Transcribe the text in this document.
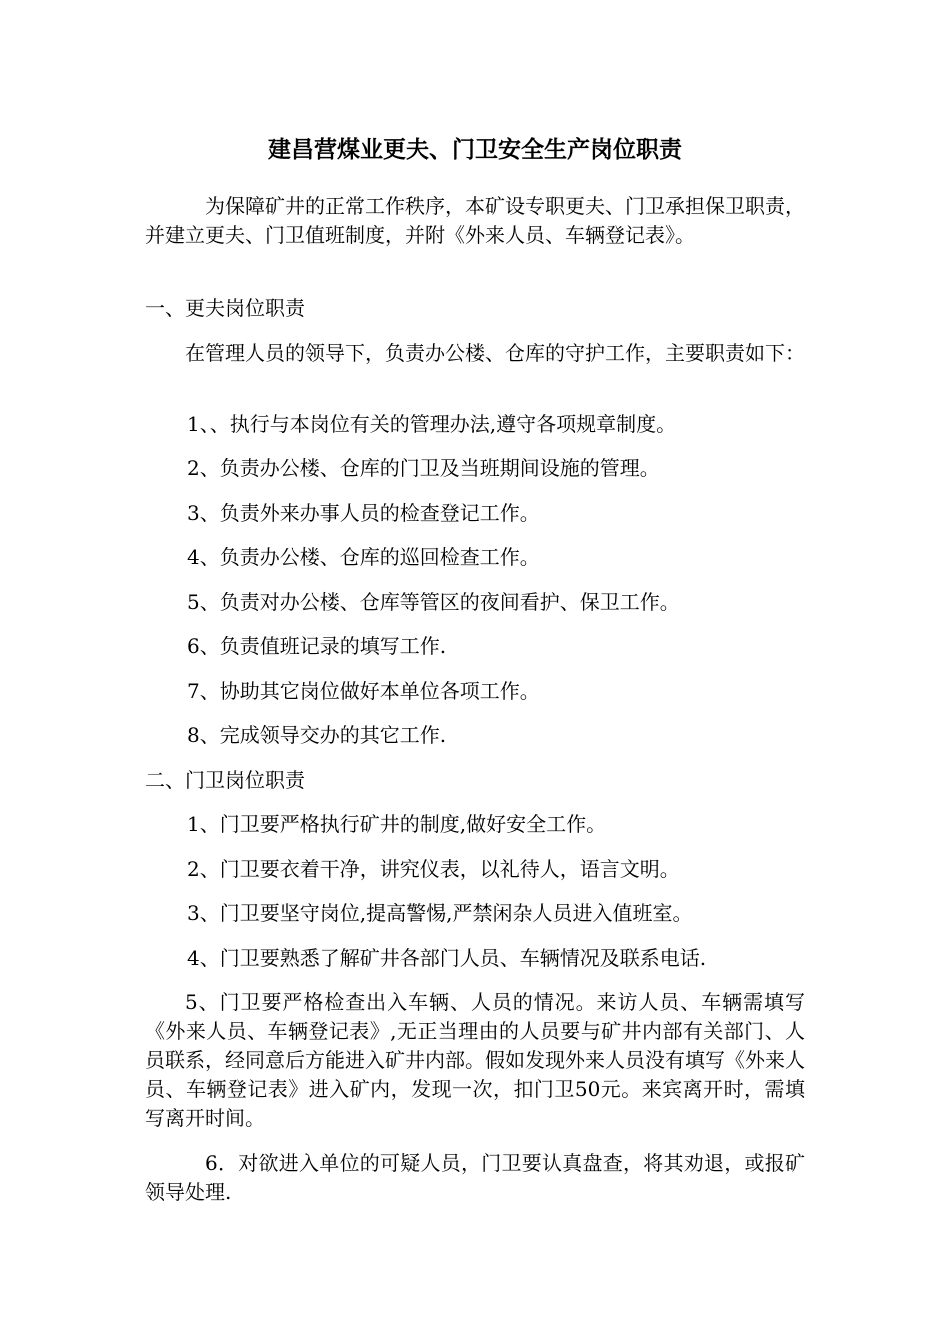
建昌营煤业更夫、门卫安全生产岗位职责

为保障矿井的正常工作秩序，本矿设专职更夫、门卫承担保卫职责，并建立更夫、门卫值班制度，并附《外来人员、车辆登记表》。

一、更夫岗位职责

在管理人员的领导下，负责办公楼、仓库的守护工作，主要职责如下：

1、、执行与本岗位有关的管理办法,遵守各项规章制度。

2、负责办公楼、仓库的门卫及当班期间设施的管理。

3、负责外来办事人员的检查登记工作。

4、负责办公楼、仓库的巡回检查工作。

5、负责对办公楼、仓库等管区的夜间看护、保卫工作。

6、负责值班记录的填写工作.

7、协助其它岗位做好本单位各项工作。

8、完成领导交办的其它工作.

二、门卫岗位职责

1、门卫要严格执行矿井的制度,做好安全工作。

2、门卫要衣着干净，讲究仪表，以礼待人，语言文明。

3、门卫要坚守岗位,提高警惕,严禁闲杂人员进入值班室。

4、门卫要熟悉了解矿井各部门人员、车辆情况及联系电话.

5、门卫要严格检查出入车辆、人员的情况。来访人员、车辆需填写《外来人员、车辆登记表》,无正当理由的人员要与矿井内部有关部门、人员联系，经同意后方能进入矿井内部。假如发现外来人员没有填写《外来人员、车辆登记表》进入矿内，发现一次，扣门卫50元。来宾离开时，需填写离开时间。

6．对欲进入单位的可疑人员，门卫要认真盘查，将其劝退，或报矿领导处理.
